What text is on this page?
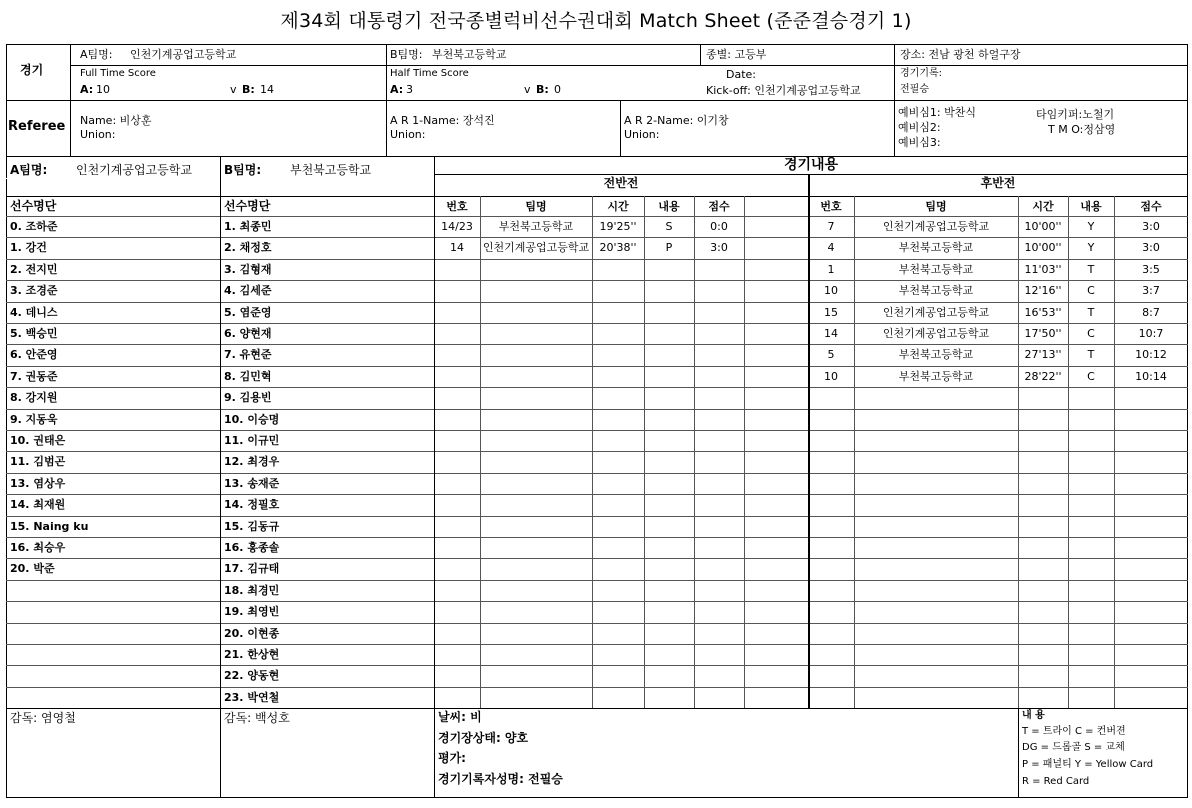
제34회 대통령기 전국종별럭비선수권대회 Match Sheet (준준결승경기 1)
경기
A팀명: 인천기계공업고등학교	B팀명: 부천북고등학교	종별: 고등부	장소: 전남 광천 하얼구장
Full Time Score
A: 10	v B: 14
Half Time Score
A: 3	v B: 0
Date:
Kick-off: 인천기계공업고등학교
경기기록:
전필승
Referee Name: 비상훈
Union:
A R 1-Name: 장석진
Union:
A R 2-Name: 이기창
Union:
예비심1: 박찬식
예비심2:
예비심3:
타임키퍼:노철기
T M O:정삼영
A팀명: 인천기계공업고등학교	B팀명: 부천북고등학교
선수명단	선수명단
경기내용
전반전	후반전
0. 조하준
1. 강건
2. 전지민
3. 조경준
4. 데니스
5. 백승민
6. 안준영
7. 권동준
8. 강지원
9. 지동욱
10. 권태은
11. 김범곤
13. 염상우
14. 최재원
15. Naing ku
16. 최승우
20. 박준
1. 최종민
2. 채정호
3. 김형재
4. 김세준
5. 염준영
6. 양현재
7. 유현준
8. 김민혁
9. 김용빈
10. 이승명
11. 이규민
12. 최경우
13. 송재준
14. 정필호
15. 김동규
16. 홍종솔
17. 김규태
18. 최경민
19. 최영빈
20. 이현종
21. 한상현
22. 양동현
23. 박연철
번호	팀명	시간	내용	점수	번호	팀명	시간	내용	점수
14/23	부천북고등학교	19'25''	S	0:0
14	인천기계공업고등학교 20'38''	P	3:0
7	인천기계공업고등학교	10'00''	Y	3:0
4	부천북고등학교	10'00''	Y	3:0
1	부천북고등학교	11'03''	T	3:5
10	부천북고등학교	12'16''	C	3:7
15	인천기계공업고등학교	16'53''	T	8:7
14	인천기계공업고등학교	17'50''	C	10:7
5	부천북고등학교	27'13''	T	10:12
10	부천북고등학교	28'22''	C	10:14
감독: 염영철	감독: 백성호	날씨: 비
경기장상태: 양호
평가:
경기기록자성명: 전필승
내 용
T = 트라이 C = 컨버젼
DG = 드롭골 S = 교체
P = 패널티 Y = Yellow Card
R = Red Card
